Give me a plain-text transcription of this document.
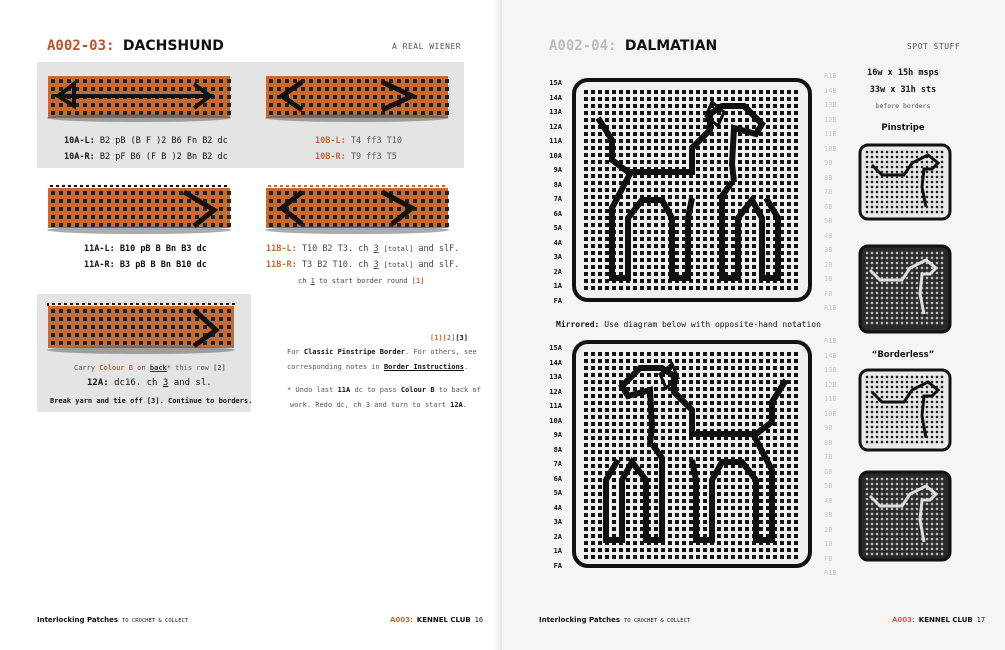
A002-03: DACHSHUND	A REAL WIENER
10A-L: B2 pB (B F )2 B6 Fn B2 dc
10A-R: B2 pF B6 (F B )2 Bn B2 dc
10B-L: T4 ff3 T10
10B-R: T9 ff3 T5
11A-L: B10 pB B Bn B3 dc
11A-R: B3 pB B Bn B10 dc
11B-L: T10 B2 T3. ch 3 [total] and slF.
11B-R: T3 B2 T10. ch 3 [total] and slF.
ch 1 to start border round [1]
Carry Colour B on back* this row [2]
12A: dc16. ch 3 and sl.
Break yarn and tie off [3]. Continue to borders.
[1][2][3]
For Classic Pinstripe Border. For others, see
corresponding notes in Border Instructions.
* Undo last 11A dc to pass Colour B to back of
work. Redo dc, ch 3 and turn to start 12A.
Interlocking Patches TO CROCHET & COLLECT	A003: KENNEL CLUB 16
A002-04: DALMATIAN	SPOT STUFF
15A
14A
13A
12A
11A
10A
9A
8A
7A
6A
5A
4A
3A
2A
1A
FA
R1B
14B
13B
12B
11B
10B
9B
8B
7B
6B
5B
4B
3B
2B
1B
FB
R1B
Mirrored: Use diagram below with opposite-hand notation
15A
14A
13A
12A
11A
10A
9A
8A
7A
6A
5A
4A
3A
2A
1A
FA
R1B
14B
13B
12B
11B
10B
9B
8B
7B
6B
5B
4B
3B
2B
1B
FB
R1B
16w x 15h msps
33w x 31h sts
before borders
Pinstripe
“Borderless”
Interlocking Patches TO CROCHET & COLLECT	A003: KENNEL CLUB 17
